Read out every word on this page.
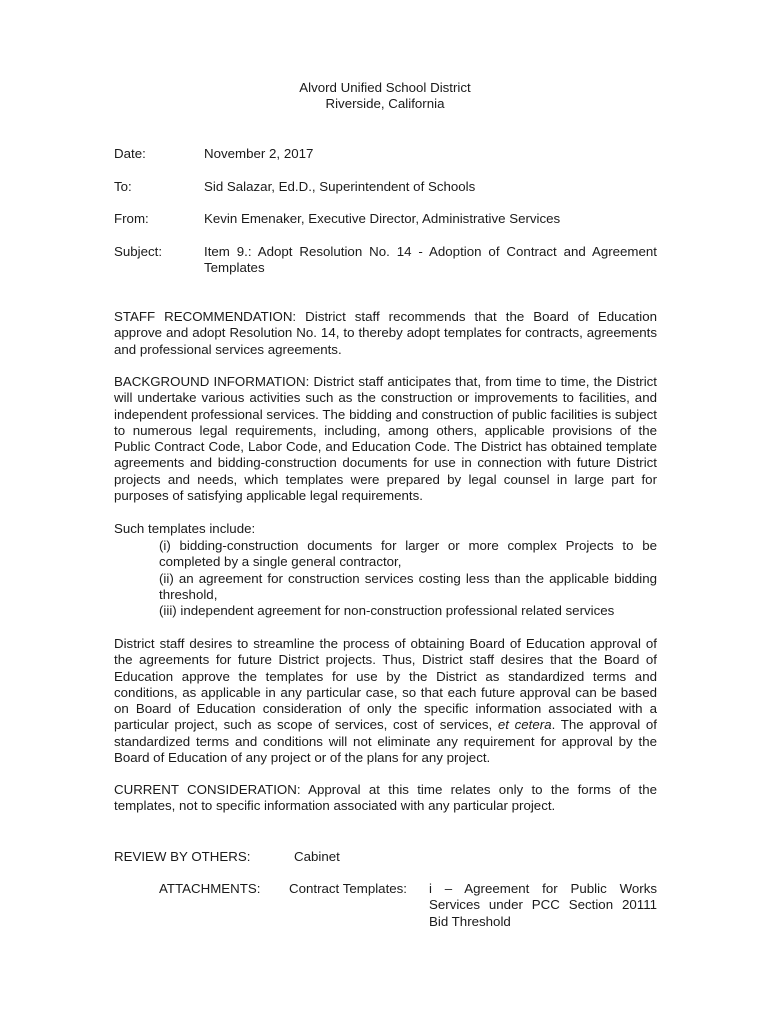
Alvord Unified School District
Riverside, California
Date:	November 2, 2017
To:	Sid Salazar, Ed.D., Superintendent of Schools
From:	Kevin Emenaker, Executive Director, Administrative Services
Subject:	Item 9.: Adopt Resolution No. 14 - Adoption of Contract and Agreement Templates

STAFF RECOMMENDATION: District staff recommends that the Board of Education approve and adopt Resolution No. 14, to thereby adopt templates for contracts, agreements and professional services agreements.

BACKGROUND INFORMATION: District staff anticipates that, from time to time, the District will undertake various activities such as the construction or improvements to facilities, and independent professional services. The bidding and construction of public facilities is subject to numerous legal requirements, including, among others, applicable provisions of the Public Contract Code, Labor Code, and Education Code. The District has obtained template agreements and bidding-construction documents for use in connection with future District projects and needs, which templates were prepared by legal counsel in large part for purposes of satisfying applicable legal requirements.

Such templates include:
(i) bidding-construction documents for larger or more complex Projects to be completed by a single general contractor,
(ii) an agreement for construction services costing less than the applicable bidding threshold,
(iii) independent agreement for non-construction professional related services

District staff desires to streamline the process of obtaining Board of Education approval of the agreements for future District projects. Thus, District staff desires that the Board of Education approve the templates for use by the District as standardized terms and conditions, as applicable in any particular case, so that each future approval can be based on Board of Education consideration of only the specific information associated with a particular project, such as scope of services, cost of services, et cetera. The approval of standardized terms and conditions will not eliminate any requirement for approval by the Board of Education of any project or of the plans for any project.

CURRENT CONSIDERATION: Approval at this time relates only to the forms of the templates, not to specific information associated with any particular project.

REVIEW BY OTHERS:	Cabinet
ATTACHMENTS: Contract Templates: i – Agreement for Public Works Services under PCC Section 20111 Bid Threshold
